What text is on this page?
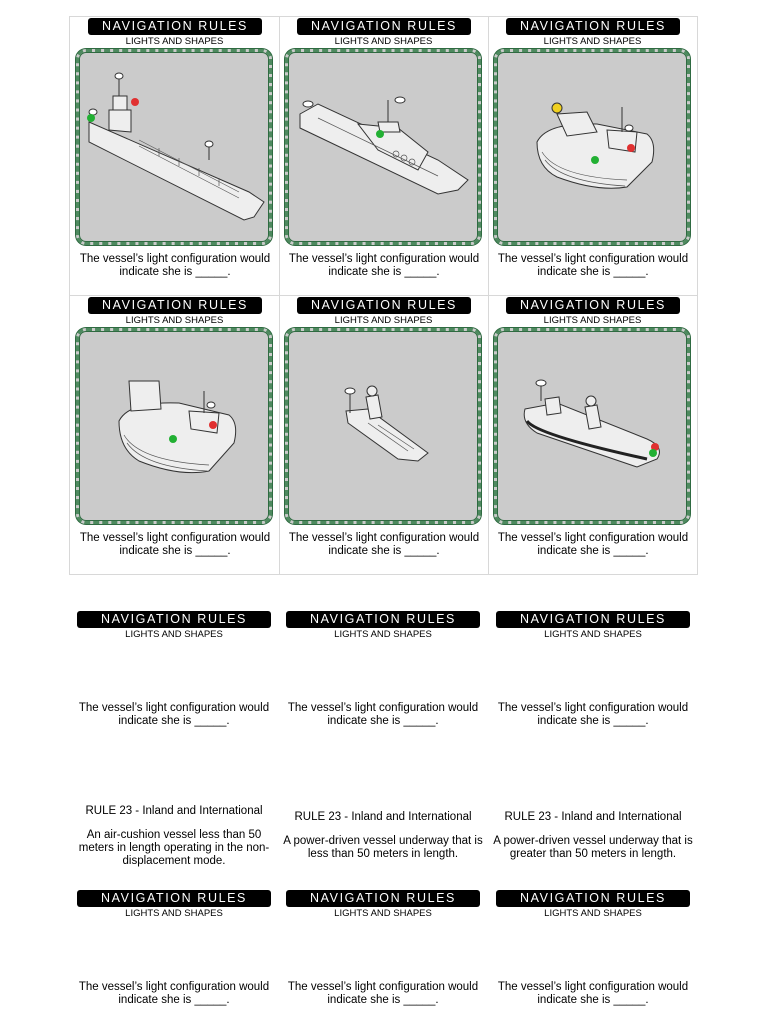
NAVIGATION RULES
LIGHTS AND SHAPES
The vessel’s light configuration would
indicate she is _____.
NAVIGATION RULES
LIGHTS AND SHAPES
The vessel’s light configuration would
indicate she is _____.
NAVIGATION RULES
LIGHTS AND SHAPES
The vessel’s light configuration would
indicate she is _____.
NAVIGATION RULES
LIGHTS AND SHAPES
The vessel’s light configuration would
indicate she is _____.
NAVIGATION RULES
LIGHTS AND SHAPES
The vessel’s light configuration would
indicate she is _____.
NAVIGATION RULES
LIGHTS AND SHAPES
The vessel’s light configuration would
indicate she is _____.
NAVIGATION RULES
LIGHTS AND SHAPES
The vessel’s light configuration would
indicate she is _____.
NAVIGATION RULES
LIGHTS AND SHAPES
The vessel’s light configuration would
indicate she is _____.
NAVIGATION RULES
LIGHTS AND SHAPES
The vessel’s light configuration would
indicate she is _____.
RULE 23 - Inland and International
An air-cushion vessel less than 50
meters in length operating in the non-
displacement mode.
RULE 23 - Inland and International
A power-driven vessel underway that is
less than 50 meters in length.
RULE 23 - Inland and International
A power-driven vessel underway that is
greater than 50 meters in length.
NAVIGATION RULES
LIGHTS AND SHAPES
The vessel’s light configuration would
indicate she is _____.
NAVIGATION RULES
LIGHTS AND SHAPES
The vessel’s light configuration would
indicate she is _____.
NAVIGATION RULES
LIGHTS AND SHAPES
The vessel’s light configuration would
indicate she is _____.
